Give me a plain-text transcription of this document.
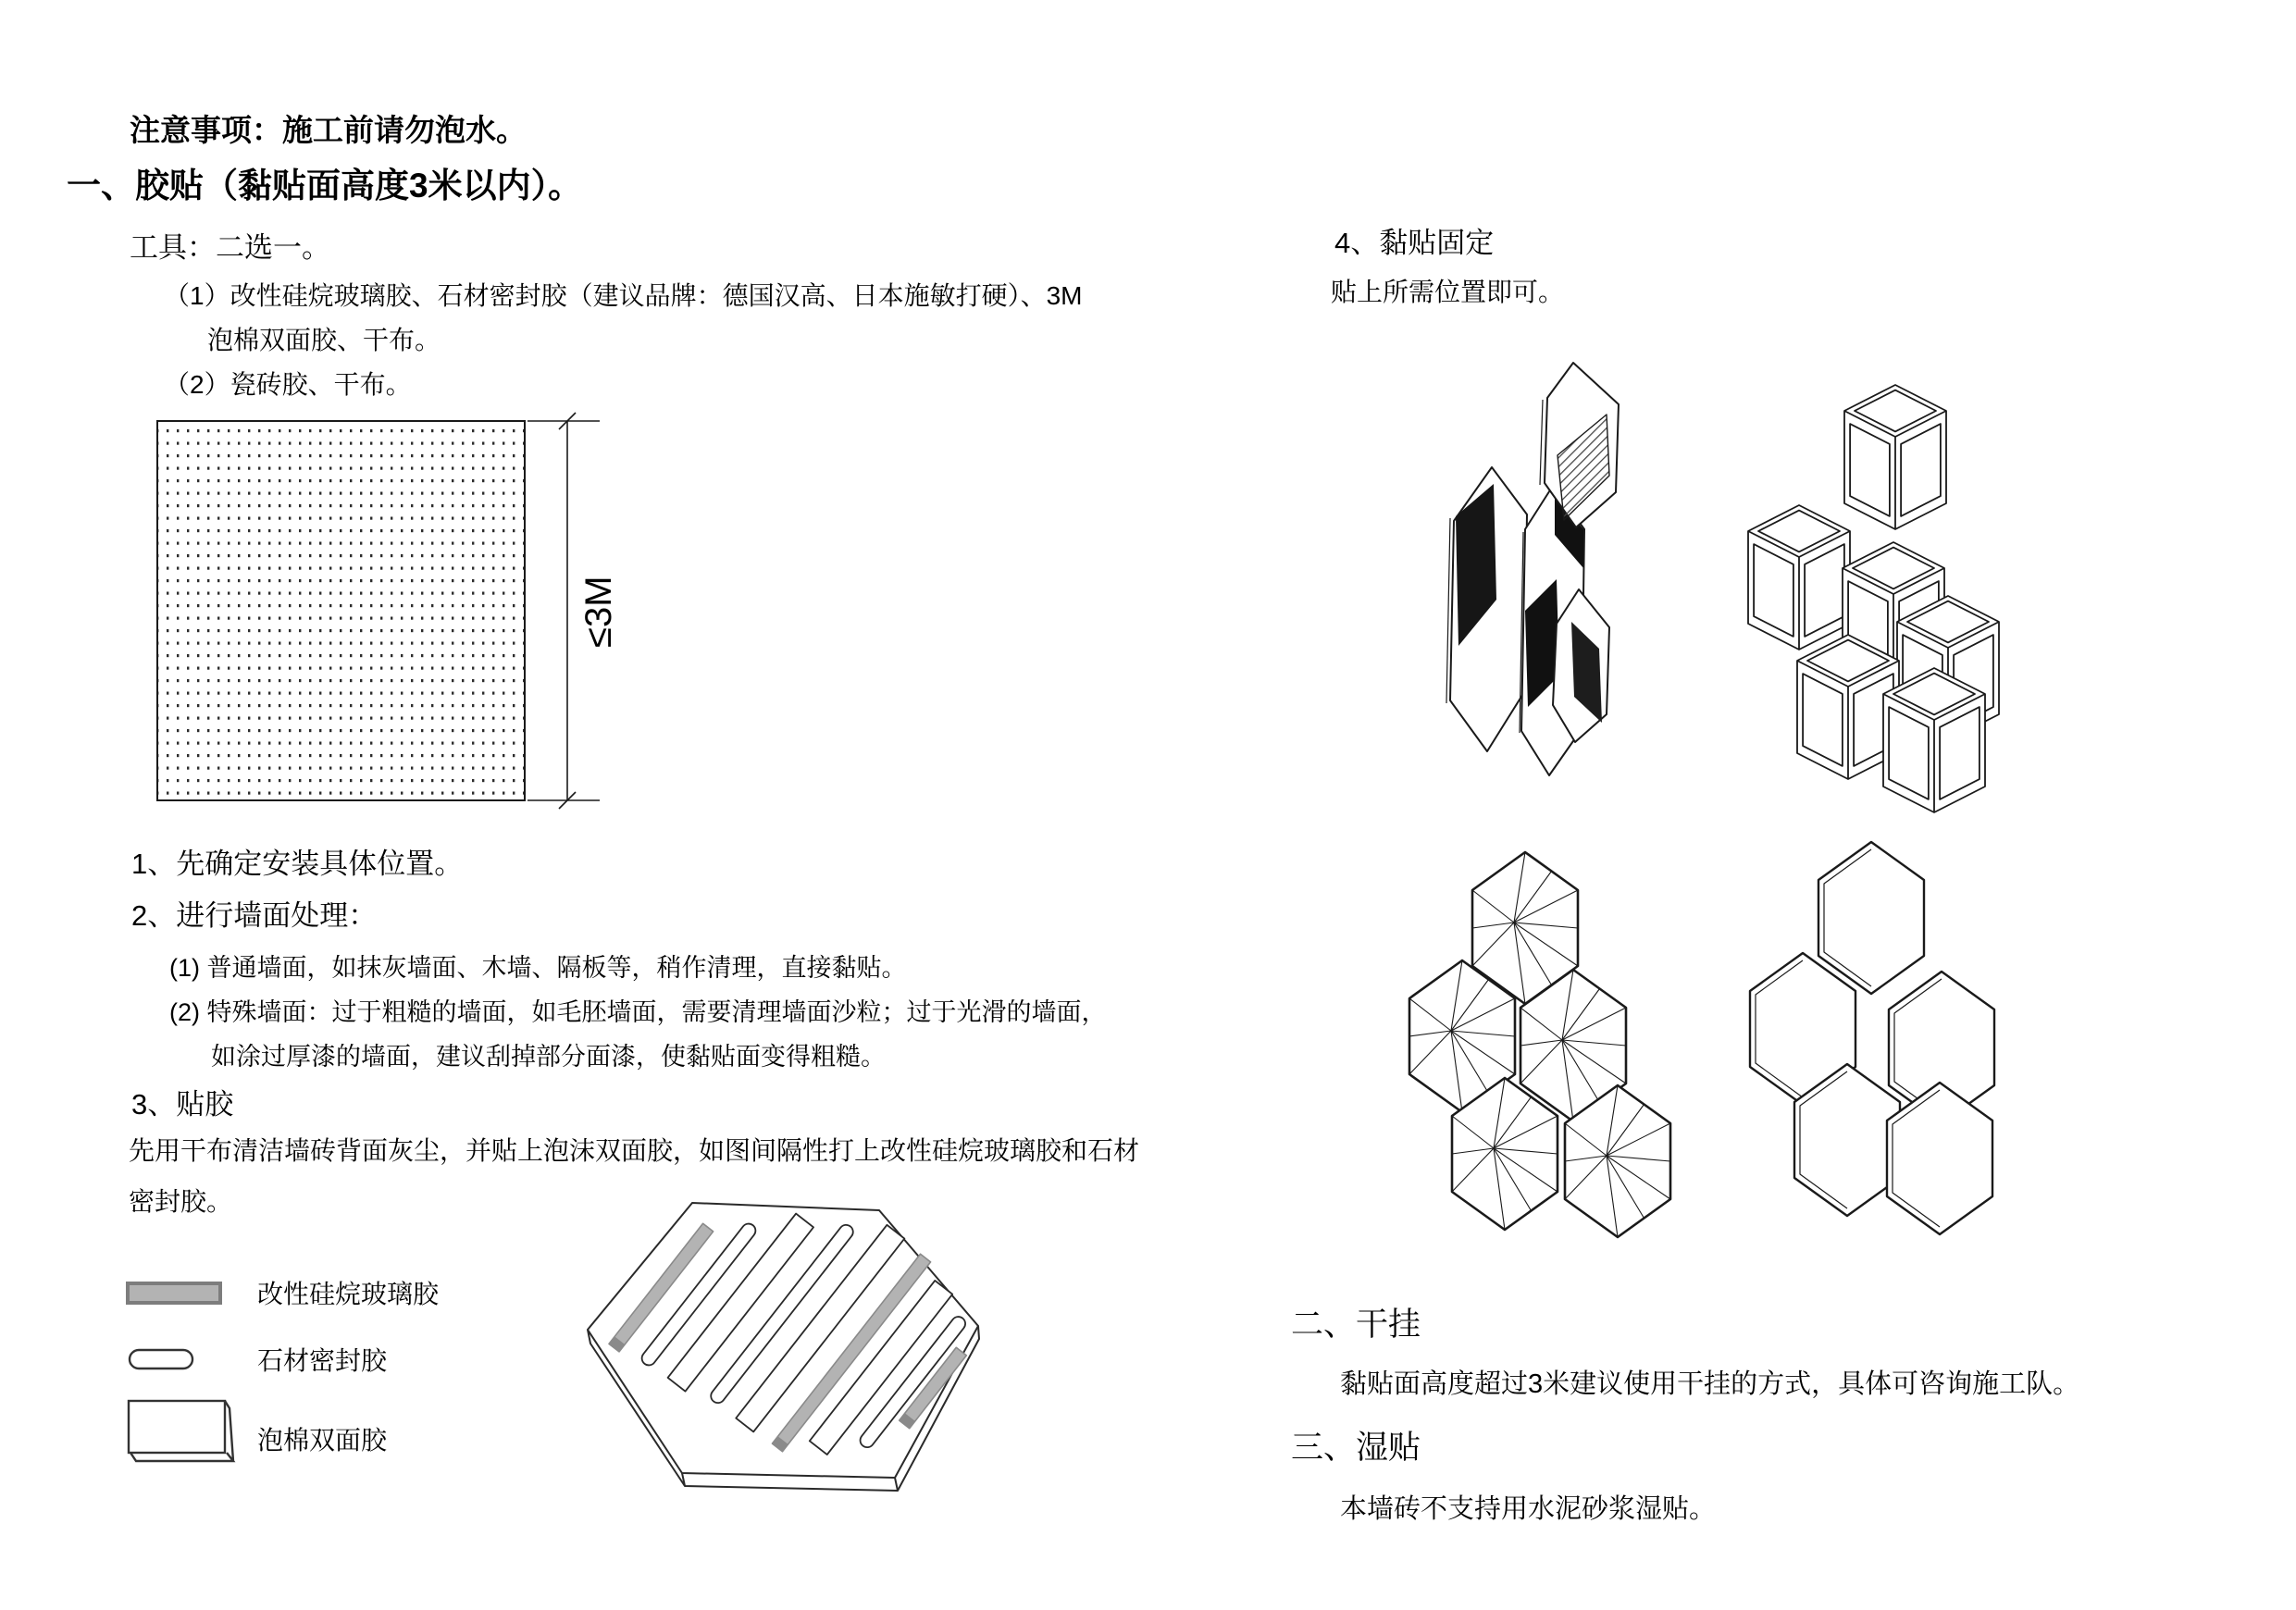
≤3M
注意事项：施工前请勿泡水。
一、胶贴（黏贴面高度3米以内）。
工具：二选一。
（1）改性硅烷玻璃胶、石材密封胶（建议品牌：德国汉高、日本施敏打硬）、3M
泡棉双面胶、干布。
（2）瓷砖胶、干布。
1、先确定安装具体位置。
2、进行墙面处理：
(1) 普通墙面，如抹灰墙面、木墙、隔板等，稍作清理，直接黏贴。
(2) 特殊墙面：过于粗糙的墙面，如毛胚墙面，需要清理墙面沙粒；过于光滑的墙面，
如涂过厚漆的墙面，建议刮掉部分面漆，使黏贴面变得粗糙。
3、贴胶
先用干布清洁墙砖背面灰尘，并贴上泡沫双面胶，如图间隔性打上改性硅烷玻璃胶和石材
密封胶。
改性硅烷玻璃胶
石材密封胶
泡棉双面胶
4、黏贴固定
贴上所需位置即可。
二、干挂
黏贴面高度超过3米建议使用干挂的方式，具体可咨询施工队。
三、湿贴
本墙砖不支持用水泥砂浆湿贴。
